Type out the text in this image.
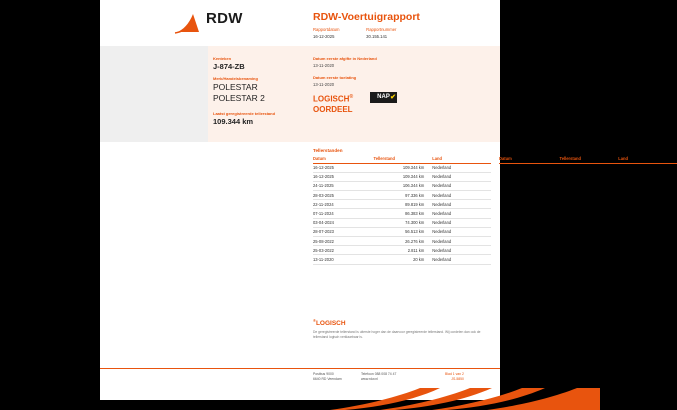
RDW	RDW-Voertuigrapport
Rapportdatum
16-12-2025

Rapportnummer
30.155.141
Kenteken
J-874-ZB
Merk/Handelsbenaming
POLESTAR
POLESTAR 2
Laatst geregistreerde tellerstand
109.344 km
Datum eerste afgifte in Nederland
13-11-2020
Datum eerste toelating
13-11-2020
LOGISCH®
OORDEEL
NAP ✔
Tellerstanden
Datum	Tellerstand	Land
16-12-2025	109.344 km	Nederland
16-12-2025	109.344 km	Nederland
24-11-2025	106.344 km	Nederland
28-03-2025	97.336 km	Nederland
22-11-2024	89.819 km	Nederland
07-11-2024	86.383 km	Nederland
03-04-2024	74.300 km	Nederland
28-07-2023	56.513 km	Nederland
25-08-2022	26.276 km	Nederland
25-03-2022	2.811 km	Nederland
13-11-2020	20 km	Nederland
Datum	Tellerstand	Land
®LOGISCH
De geregistreerde tellerstand is uiterste hoger dan de daarvoor geregistreerde tellerstand. Wij oordelen dan ook de tellerstand logisch verklaarbaar is.
Postbus 9000
6640 RD Veendam

Telefoon 088 008 74 47
www.rdw.nl

Blad 1 van 2
JS-5850
